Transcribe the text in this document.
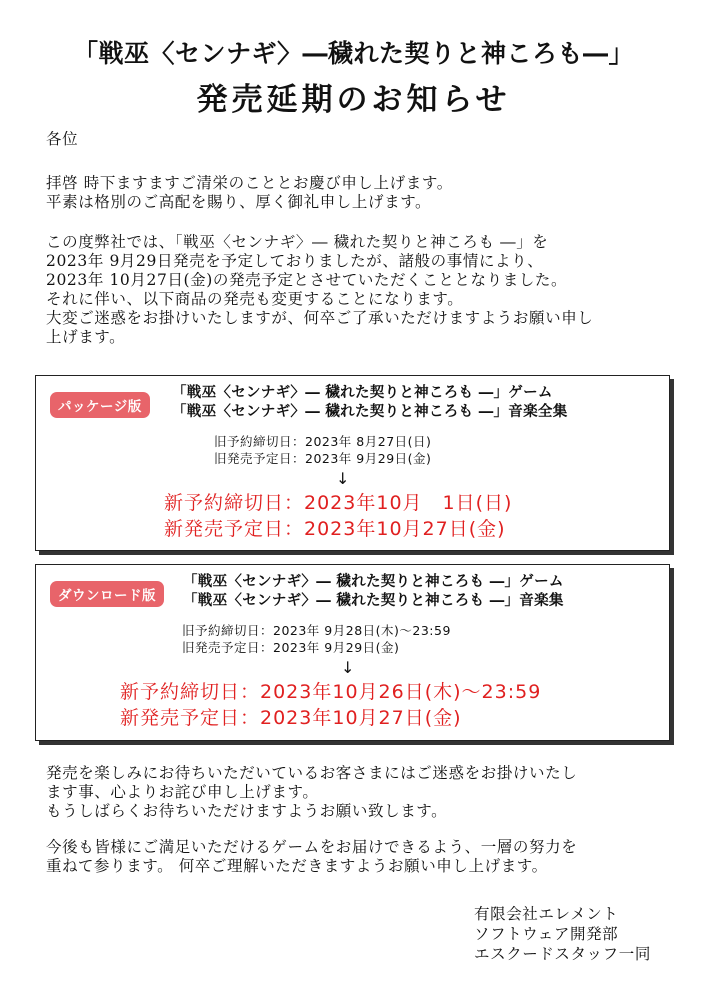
「戦巫〈センナギ〉―穢れた契りと神ころも―」
発売延期のお知らせ
各位
拝啓 時下ますますご清栄のこととお慶び申し上げます。
平素は格別のご高配を賜り、厚く御礼申し上げます。
この度弊社では、「戦巫〈センナギ〉― 穢れた契りと神ころも ―」を
2023年 9月29日発売を予定しておりましたが、諸般の事情により、
2023年 10月27日(金)の発売予定とさせていただくこととなりました。
それに伴い、以下商品の発売も変更することになります。
大変ご迷惑をお掛けいたしますが、何卒ご了承いただけますようお願い申し
上げます。
パッケージ版
「戦巫〈センナギ〉― 穢れた契りと神ころも ―」ゲーム
「戦巫〈センナギ〉― 穢れた契りと神ころも ―」音楽全集
旧予約締切日：2023年 8月27日(日)
旧発売予定日：2023年 9月29日(金)
↓
新予約締切日：2023年10月　1日(日)
新発売予定日：2023年10月27日(金)
ダウンロード版
「戦巫〈センナギ〉― 穢れた契りと神ころも ―」ゲーム
「戦巫〈センナギ〉― 穢れた契りと神ころも ―」音楽集
旧予約締切日：2023年 9月28日(木)～23:59
旧発売予定日：2023年 9月29日(金)
↓
新予約締切日：2023年10月26日(木)～23:59
新発売予定日：2023年10月27日(金)
発売を楽しみにお待ちいただいているお客さまにはご迷惑をお掛けいたし
ます事、心よりお詫び申し上げます。
もうしばらくお待ちいただけますようお願い致します。
今後も皆様にご満足いただけるゲームをお届けできるよう、一層の努力を
重ねて参ります。 何卒ご理解いただきますようお願い申し上げます。
有限会社エレメント
ソフトウェア開発部
エスクードスタッフ一同
